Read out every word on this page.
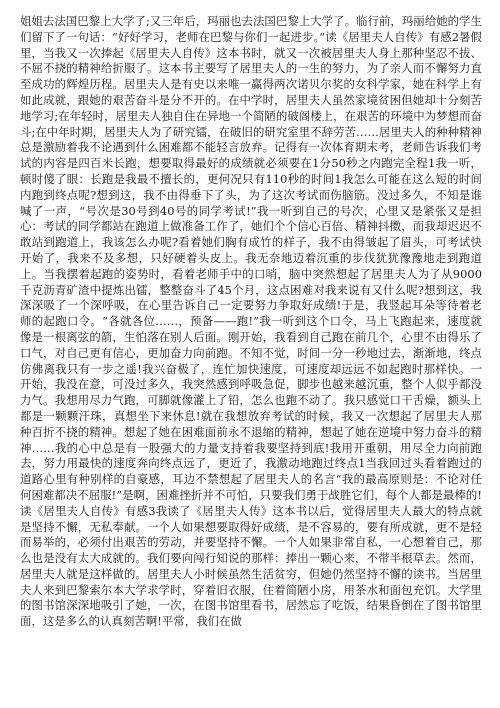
姐姐去法国巴黎上大学了;又三年后，玛丽也去法国巴黎上大学了。临行前，玛丽给她的学生们留下了一句话：“好好学习，老师在巴黎与你们一起进步。”读《居里夫人自传》有感2暑假里，当我又一次捧起《居里夫人自传》这本书时，就又一次被居里夫人身上那种坚忍不拔、不屈不挠的精神给折服了。这本书主要写了居里夫人的一生的努力，为了亲人而不懈努力直至成功的辉煌历程。居里夫人是有史以来唯一赢得两次诺贝尔奖的女科学家，她在科学上有如此成就，跟她的艰苦奋斗是分不开的。在中学时，居里夫人虽然家境贫困但她却十分刻苦地学习;在年轻时，居里夫人独自住在异地一个简陋的破阁楼上，在艰苦的环境中为梦想而奋斗;在中年时期，居里夫人为了研究镭，在破旧的研究室里不辞劳苦……居里夫人的种种精神总是激励着我不论遇到什么困难都不能轻言放弃。记得有一次体育期末考，老师告诉我们考试的内容是四百米长跑，想要取得最好的成绩就必须要在1分50秒之内跑完全程1我一听，顿时傻了眼：长跑是我最不擅长的，更何况只有110秒的时间1我怎么可能在这么短的时间内跑到终点呢?想到这，我不由得垂下了头，为了这次考试而伤脑筋。没过多久，不知是谁喊了一声，“号次是30号到40号的同学考试!”我一听到自己的号次，心里又是紧张又是担心：考试的同学都站在跑道上做准备工作了，她们个个信心百倍、精神抖擞，而我却迟迟不敢站到跑道上，我该怎么办呢?看着她们胸有成竹的样子，我不由得皱起了眉头，可考试快开始了，我来不及多想，只好硬着头皮上。我无奈地迈着沉重的步伐犹犹豫豫地走到跑道上。当我摆着起跑的姿势时，看着老师手中的口哨，脑中突然想起了居里夫人为了从9000千克沥青矿渣中提炼出镭，整整奋斗了45个月，这点困难对我来说有又什么呢?想到这，我深深吸了一个深呼吸，在心里告诉自己一定要努力争取好成绩!于是，我竖起耳朵等待着老师的起跑口令。“各就各位……，预备——跑!”我一听到这个口令，马上飞跑起来，速度就像是一根离弦的箭，生怕落在别人后面。刚开始，我看到自己跑在前几个，心里不由得乐了口气，对自己更有信心，更加奋力向前跑。不知不觉，时间一分一秒地过去，渐渐地，终点仿佛离我只有一步之遥!我兴奋极了，连忙加快速度，可速度却远远不如起跑时那样快。一开始，我没在意，可没过多久，我突然感到呼吸急促，脚步也越来越沉重，整个人似乎都没力气。我想用尽力气跑，可脚就像灌上了铅，怎么也跑不动了。我只感觉口干舌燥，额头上都是一颗颗汗珠，真想坐下来休息!就在我想放弃考试的时候，我又一次想起了居里夫人那种百折不挠的精神。想起了她在困难面前永不退缩的精神，想起了她在逆境中努力奋斗的精神……我的心中总是有一股强大的力量支持着我要坚持到底!我用开重朝，用尽全力向前跑去，努力用最快的速度奔向终点远了，更近了，我激动地跑过终点1当我回过头看着跑过的道路心里有种别样的自豪感，耳边不禁想起了居里夫人的名言“我的最高原则是：不论对任何困难都决不屈服!”是啊，困难挫折并不可怕，只要我们勇于战胜它们，每个人都是最棒的!读《居里夫人自传》有感3我读了《居里夫人传》这本书以后，觉得居里夫人最大的特点就是坚持不懈，无私奉献。一个人如果想要取得好成绩，是不容易的，要有所成就，更不是轻而易举的，必须付出艰苦的劳动，并要坚持不懈。一个人如果非常自私，一心想着自己，那么也是没有太大成就的。我们要向闯行知说的那样：捧出一颗心来，不带半根草去。然而，居里夫人就是这样做的。居里夫人小时候虽然生活贫穷，但她仍然坚持不懈的读书。当居里夫人来到巴黎索尔本大学求学时，穿着旧衣服，住着简陋小房，用茶水和面包充饥。大学里的图书馆深深地吸引了她，一次，在图书馆里看书，居然忘了吃饭，结果昏倒在了图书馆里面，这是多么的认真刻苦啊!平常，我们在做
